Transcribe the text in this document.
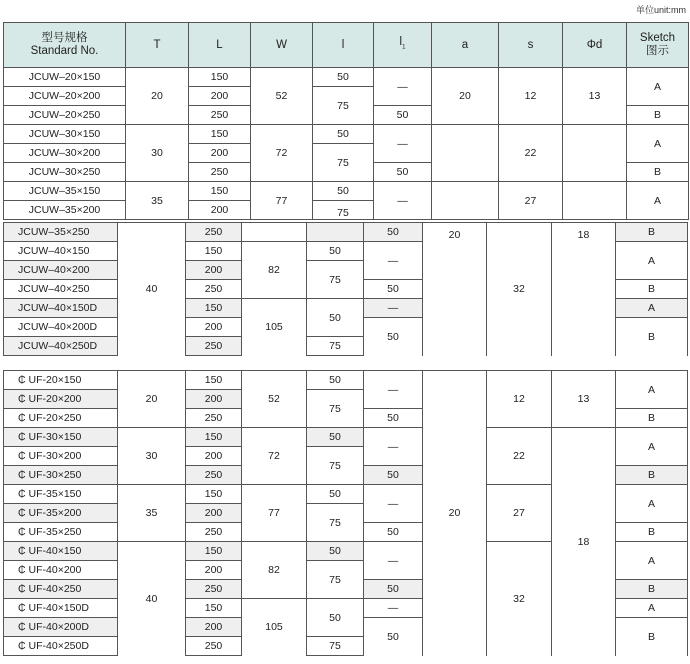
单位unit:mm
型号规格
Standard No.	T	L	W	l	$l_1$	a	s	Φd	Sketch
图示
JCUW–20×150	20	150	52	50	—	20	12	13	A
JCUW–20×200		200		75					
JCUW–20×250		250			50				B
JCUW–30×150	30	150	72	50	—		22		A
JCUW–30×200		200		75					
JCUW–30×250		250			50				B
JCUW–35×150	35	150	77	50	—		27		A
JCUW–35×200		200		75					
JCUW–35×250	40	250			50	20	32	18	B
JCUW–40×150		150	82	50	—				A
JCUW–40×200		200		75					
JCUW–40×250		250			50				B
JCUW–40×150D		150	105	50	—				A
JCUW–40×200D		200			50				B
JCUW–40×250D		250		75					
₵ UF-20×150	20	150	52	50	—	20	12	13	A
₵ UF-20×200		200		75					
₵ UF-20×250		250			50				B
₵ UF-30×150	30	150	72	50	—		22	18	A
₵ UF-30×200		200		75					
₵ UF-30×250		250			50				B
₵ UF-35×150	35	150	77	50	—		27		A
₵ UF-35×200		200		75					
₵ UF-35×250		250			50				B
₵ UF-40×150	40	150	82	50	—		32		A
₵ UF-40×200		200		75					
₵ UF-40×250		250			50				B
₵ UF-40×150D		150	105	50	—				A
₵ UF-40×200D		200			50				B
₵ UF-40×250D		250		75					
